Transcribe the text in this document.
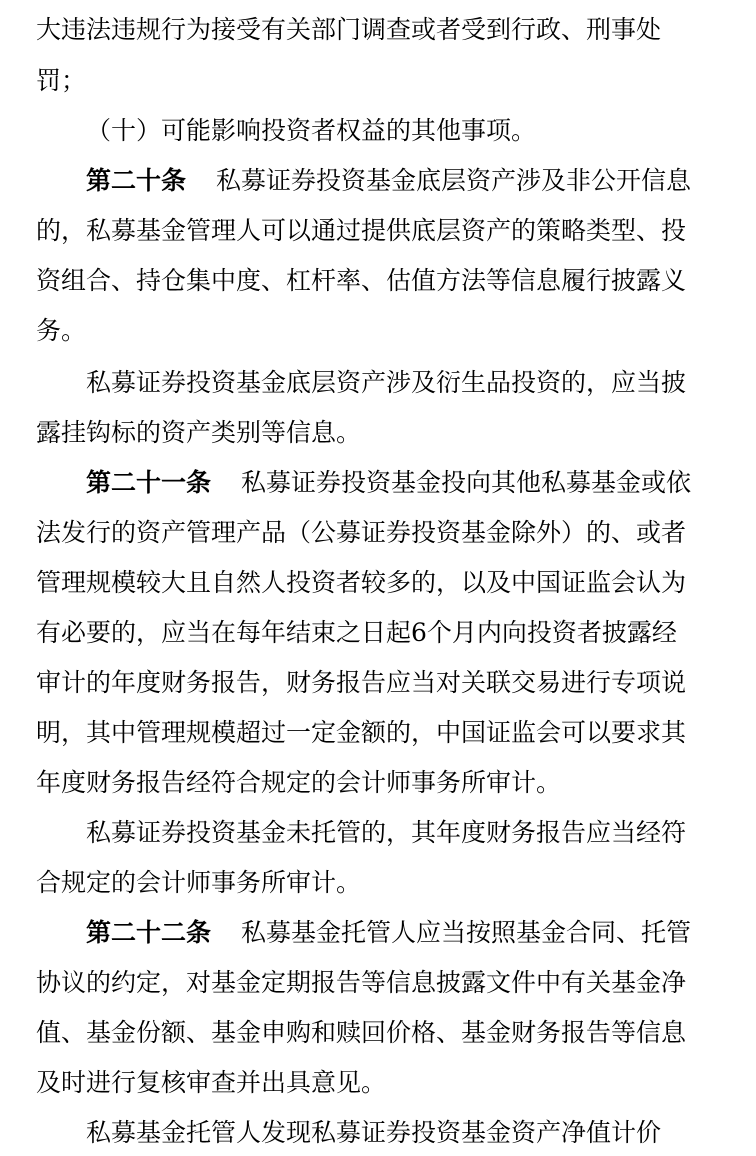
大违法违规行为接受有关部门调查或者受到行政、刑事处
罚；
（十）可能影响投资者权益的其他事项。
第二十条 私募证券投资基金底层资产涉及非公开信息
的，私募基金管理人可以通过提供底层资产的策略类型、投
资组合、持仓集中度、杠杆率、估值方法等信息履行披露义
务。
私募证券投资基金底层资产涉及衍生品投资的，应当披
露挂钩标的资产类别等信息。
第二十一条 私募证券投资基金投向其他私募基金或依
法发行的资产管理产品（公募证券投资基金除外）的、或者
管理规模较大且自然人投资者较多的，以及中国证监会认为
有必要的，应当在每年结束之日起6个月内向投资者披露经
审计的年度财务报告，财务报告应当对关联交易进行专项说
明，其中管理规模超过一定金额的，中国证监会可以要求其
年度财务报告经符合规定的会计师事务所审计。
私募证券投资基金未托管的，其年度财务报告应当经符
合规定的会计师事务所审计。
第二十二条 私募基金托管人应当按照基金合同、托管
协议的约定，对基金定期报告等信息披露文件中有关基金净
值、基金份额、基金申购和赎回价格、基金财务报告等信息
及时进行复核审查并出具意见。
私募基金托管人发现私募证券投资基金资产净值计价
